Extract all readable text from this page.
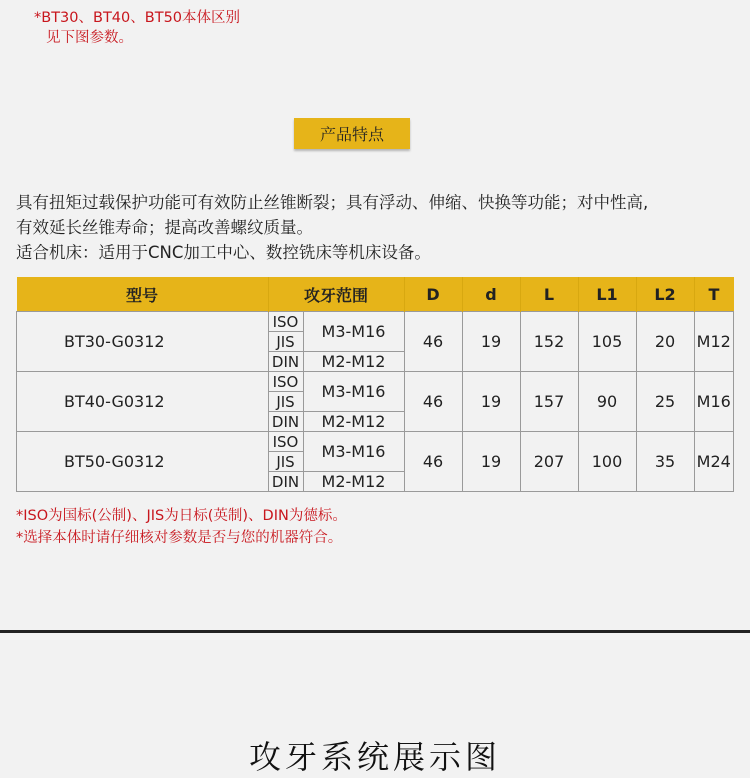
*BT30、BT40、BT50本体区别
见下图参数。
产品特点

具有扭矩过载保护功能可有效防止丝锥断裂；具有浮动、伸缩、快换等功能；对中性高,

有效延长丝锥寿命；提高改善螺纹质量。

适合机床：适用于CNC加工中心、数控铣床等机床设备。

型号	攻牙范围		D	d	L	L1	L2	T
BT30-G0312	ISO	M3-M16	46	19	152	105	20	M12
	JIS							
	DIN	M2-M12						
BT40-G0312	ISO	M3-M16	46	19	157	90	25	M16
	JIS							
	DIN	M2-M12						
BT50-G0312	ISO	M3-M16	46	19	207	100	35	M24
	JIS							
	DIN	M2-M12						

*ISO为国标(公制)、JIS为日标(英制)、DIN为德标。

*选择本体时请仔细核对参数是否与您的机器符合。

攻牙系统展示图
